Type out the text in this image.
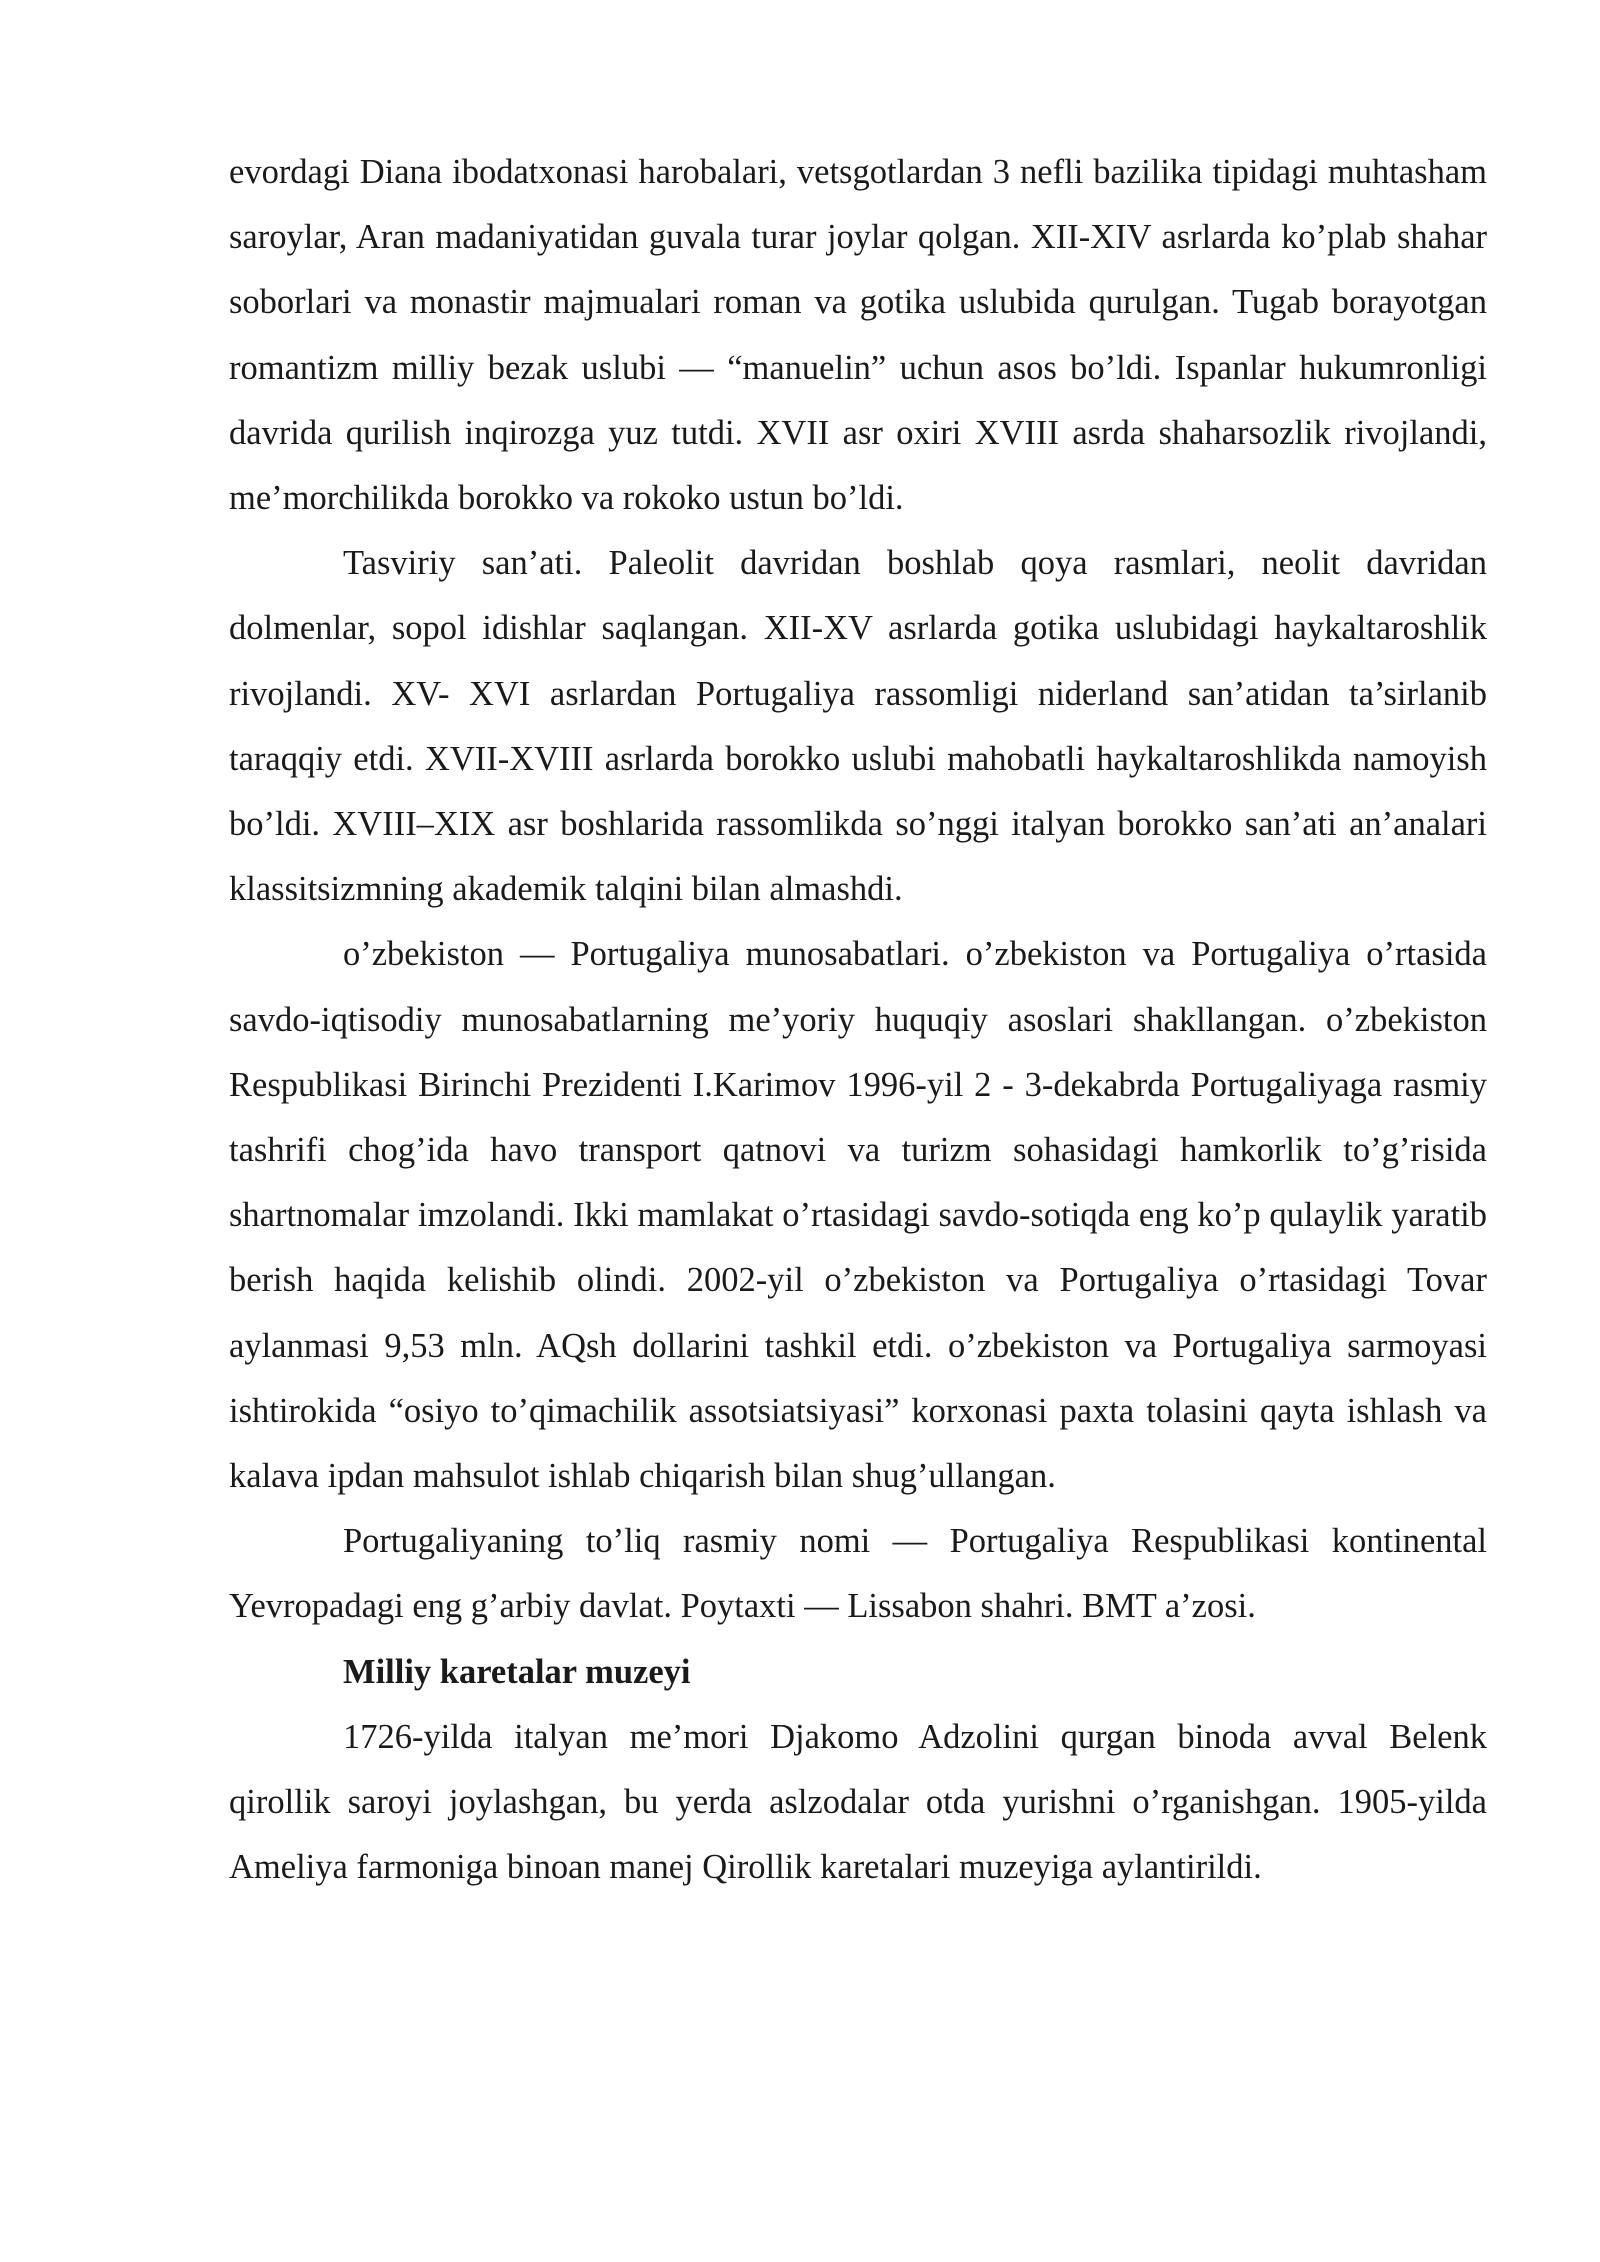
evordagi Diana ibodatxonasi harobalari, vetsgotlardan 3 nefli bazilika tipidagi muhtasham saroylar, Aran madaniyatidan guvala turar joylar qolgan. XII-XIV asrlarda ko’plab shahar soborlari va monastir majmualari roman va gotika uslubida qurulgan. Tugab borayotgan romantizm milliy bezak uslubi — “manuelin” uchun asos bo’ldi. Ispanlar hukumronligi davrida qurilish inqirozga yuz tutdi. XVII asr oxiri XVIII asrda shaharsozlik rivojlandi, me’morchilikda borokko va rokoko ustun bo’ldi.

Tasviriy san’ati. Paleolit davridan boshlab qoya rasmlari, neolit davridan dolmenlar, sopol idishlar saqlangan. XII-XV asrlarda gotika uslubidagi haykaltaroshlik rivojlandi. XV- XVI asrlardan Portugaliya rassomligi niderland san’atidan ta’sirlanib taraqqiy etdi. XVII-XVIII asrlarda borokko uslubi mahobatli haykaltaroshlikda namoyish bo’ldi. XVIII–XIX asr boshlarida rassomlikda so’nggi italyan borokko san’ati an’analari klassitsizmning akademik talqini bilan almashdi.

o’zbekiston — Portugaliya munosabatlari. o’zbekiston va Portugaliya o’rtasida savdo-iqtisodiy munosabatlarning me’yoriy huquqiy asoslari shakllangan. o’zbekiston Respublikasi Birinchi Prezidenti I.Karimov 1996-yil 2 - 3-dekabrda Portugaliyaga rasmiy tashrifi chog’ida havo transport qatnovi va turizm sohasidagi hamkorlik to’g’risida shartnomalar imzolandi. Ikki mamlakat o’rtasidagi savdo-sotiqda eng ko’p qulaylik yaratib berish haqida kelishib olindi. 2002-yil o’zbekiston va Portugaliya o’rtasidagi Tovar aylanmasi 9,53 mln. AQsh dollarini tashkil etdi. o’zbekiston va Portugaliya sarmoyasi ishtirokida “osiyo to’qimachilik assotsiatsiyasi” korxonasi paxta tolasini qayta ishlash va kalava ipdan mahsulot ishlab chiqarish bilan shug’ullangan.

Portugaliyaning to’liq rasmiy nomi — Portugaliya Respublikasi kontinental Yevropadagi eng g’arbiy davlat. Poytaxti — Lissabon shahri. BMT a’zosi.

Milliy karetalar muzeyi

1726-yilda italyan me’mori Djakomo Adzolini qurgan binoda avval Belenk qirollik saroyi joylashgan, bu yerda aslzodalar otda yurishni o’rganishgan. 1905-yilda Ameliya farmoniga binoan manej Qirollik karetalari muzeyiga aylantirildi.
